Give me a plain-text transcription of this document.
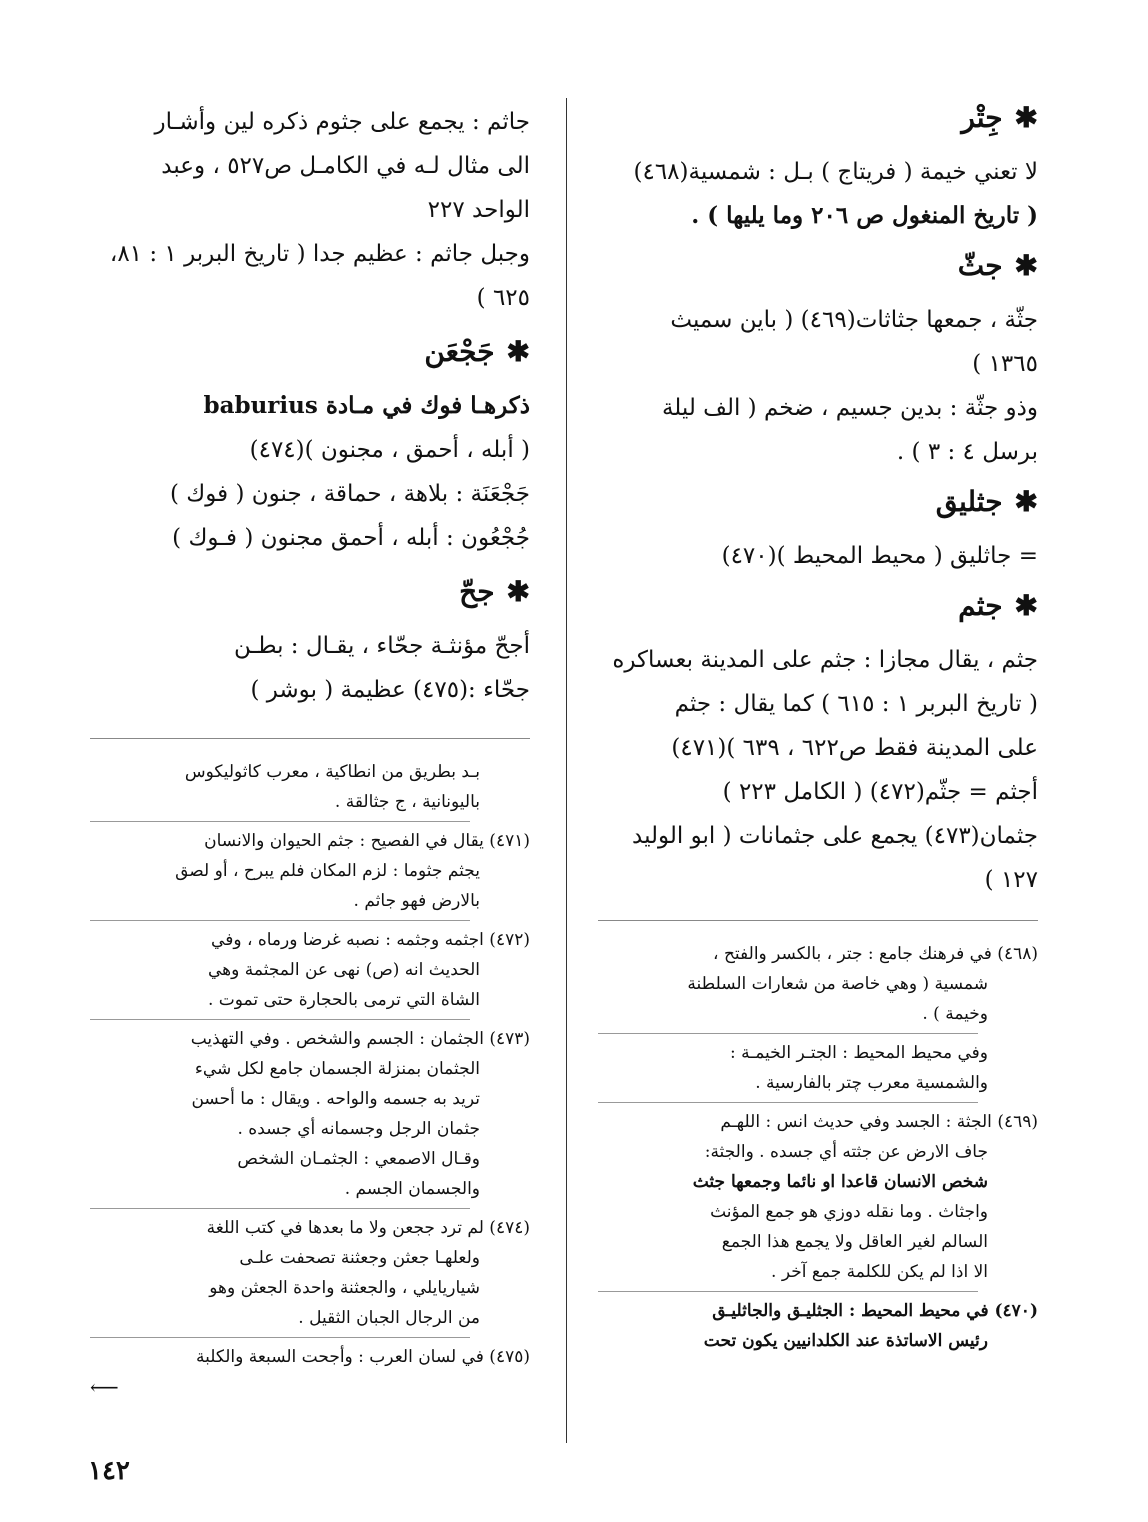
✱جِتْر
لا تعني خيمة ( فريتاج ) بـل : شمسية(٤٦٨)
( تاريخ المنغول ص ٢٠٦ وما يليها ) .
✱جثّ
جثّة ، جمعها جثاثات(٤٦٩) ( باين سميث
١٣٦٥ )
وذو جثّة : بدين جسيم ، ضخم ( الف ليلة
برسل ٤ : ٣ ) .
✱جثليق
= جاثليق ( محيط المحيط )(٤٧٠)
✱جثم
جثم ، يقال مجازا : جثم على المدينة بعساكره
( تاريخ البربر ١ : ٦١٥ ) كما يقال : جثم
على المدينة فقط ص٦٢٢ ، ٦٣٩ )(٤٧١)
أجثم = جثّم(٤٧٢) ( الكامل ٢٢٣ )
جثمان(٤٧٣) يجمع على جثمانات ( ابو الوليد
١٢٧ )
(٤٦٨) في فرهنك جامع : جتر ، بالكسر والفتح ،
شمسية ( وهي خاصة من شعارات السلطنة
وخيمة ) .
وفي محيط المحيط : الجتـر الخيمـة :
والشمسية معرب چتر بالفارسية .
(٤٦٩) الجثة : الجسد وفي حديث انس : اللهـم
جاف الارض عن جثته أي جسده . والجثة:
شخص الانسان قاعدا او نائما وجمعها جثث
واجثاث . وما نقله دوزي هو جمع المؤنث
السالم لغير العاقل ولا يجمع هذا الجمع
الا اذا لم يكن للكلمة جمع آخر .
(٤٧٠) في محيط المحيط : الجثليـق والجاثليـق
رئيس الاساتذة عند الكلدانيين يكون تحت
جاثم : يجمع على جثوم ذكره لين وأشـار
الى مثال لـه في الكامـل ص٥٢٧ ، وعبد
الواحد ٢٢٧
وجبل جاثم : عظيم جدا ( تاريخ البربر ١ : ٨١،
٦٢٥ )
✱جَجْعَن
ذكرهـا فوك في مـادة baburius
( أبله ، أحمق ، مجنون )(٤٧٤)
جَجْعَنَة : بلاهة ، حماقة ، جنون ( فوك )
جُجْعُون : أبله ، أحمق مجنون ( فـوك )
✱جحّ
أجحّ مؤنثـة جحّاء ، يقـال : بطـن
جحّاء :(٤٧٥) عظيمة ( بوشر )
بـد بطريق من انطاكية ، معرب كاثوليكوس
باليونانية ، ج جثالقة .
(٤٧١) يقال في الفصيح : جثم الحيوان والانسان
يجثم جثوما : لزم المكان فلم يبرح ، أو لصق
بالارض فهو جاثم .
(٤٧٢) اجثمه وجثمه : نصبه غرضا ورماه ، وفي
الحديث انه (ص) نهى عن المجثمة وهي
الشاة التي ترمى بالحجارة حتى تموت .
(٤٧٣) الجثمان : الجسم والشخص . وفي التهذيب
الجثمان بمنزلة الجسمان جامع لكل شيء
تريد به جسمه والواحه . ويقال : ما أحسن
جثمان الرجل وجسمانه أي جسده .
وقـال الاصمعي : الجثمـان الشخص
والجسمان الجسم .
(٤٧٤) لم ترد ججعن ولا ما بعدها في كتب اللغة
ولعلهـا جعثن وجعثنة تصحفت علـى
شياريايلي ، والجعثنة واحدة الجعثن وهو
من الرجال الجبان الثقيل .
(٤٧٥) في لسان العرب : وأجحت السبعة والكلبة
⟵
١٤٢
